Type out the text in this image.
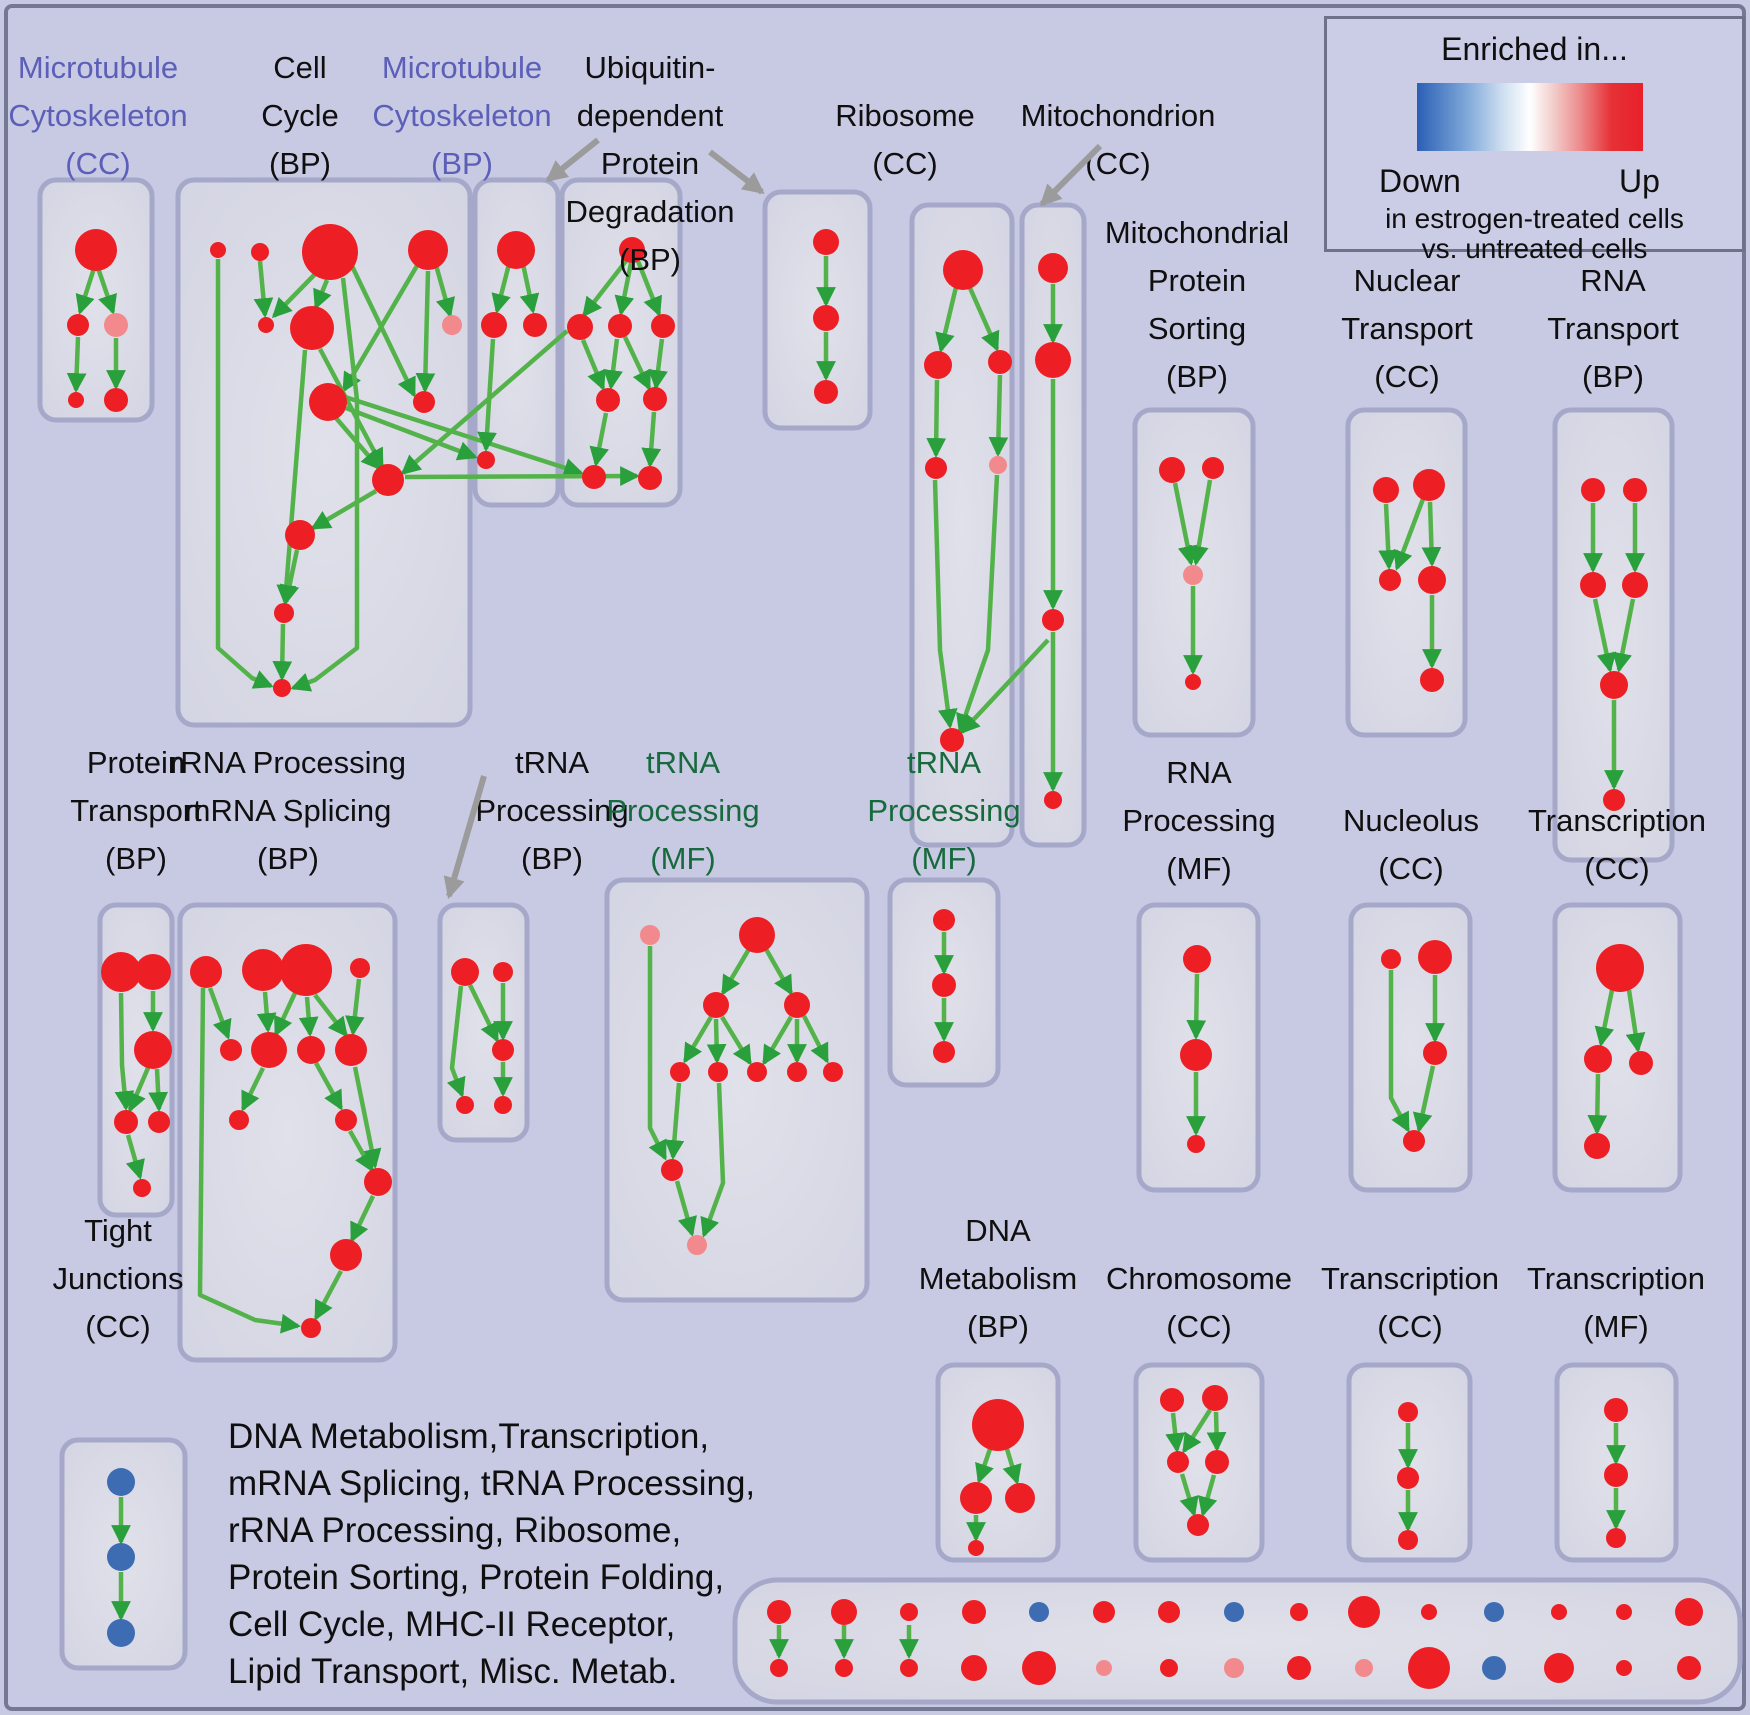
Microtubule
Cytoskeleton
(CC)
Cell
Cycle
(BP)
Microtubule
Cytoskeleton
(BP)
Ubiquitin-
dependent
Protein
Degradation
(BP)
Ribosome
(CC)
Mitochondrion
(CC)
Mitochondrial
Protein
Sorting
(BP)
Nuclear
Transport
(CC)
RNA
Transport
(BP)
Protein
Transport
(BP)
rRNA Processing
mRNA Splicing
(BP)
tRNA
Processing
(BP)
tRNA
Processing
(MF)
tRNA
Processing
(MF)
RNA
Processing
(MF)
Nucleolus
(CC)
Transcription
(CC)
DNA
Metabolism
(BP)
Chromosome
(CC)
Transcription
(CC)
Transcription
(MF)
Tight
Junctions
(CC)
DNA Metabolism,Transcription,
mRNA Splicing, tRNA Processing,
rRNA Processing, Ribosome,
Protein Sorting, Protein Folding,
Cell Cycle, MHC-II Receptor,
Lipid Transport, Misc. Metab.
Enriched in...
Down	Up
in estrogen-treated cells
vs. untreated cells
